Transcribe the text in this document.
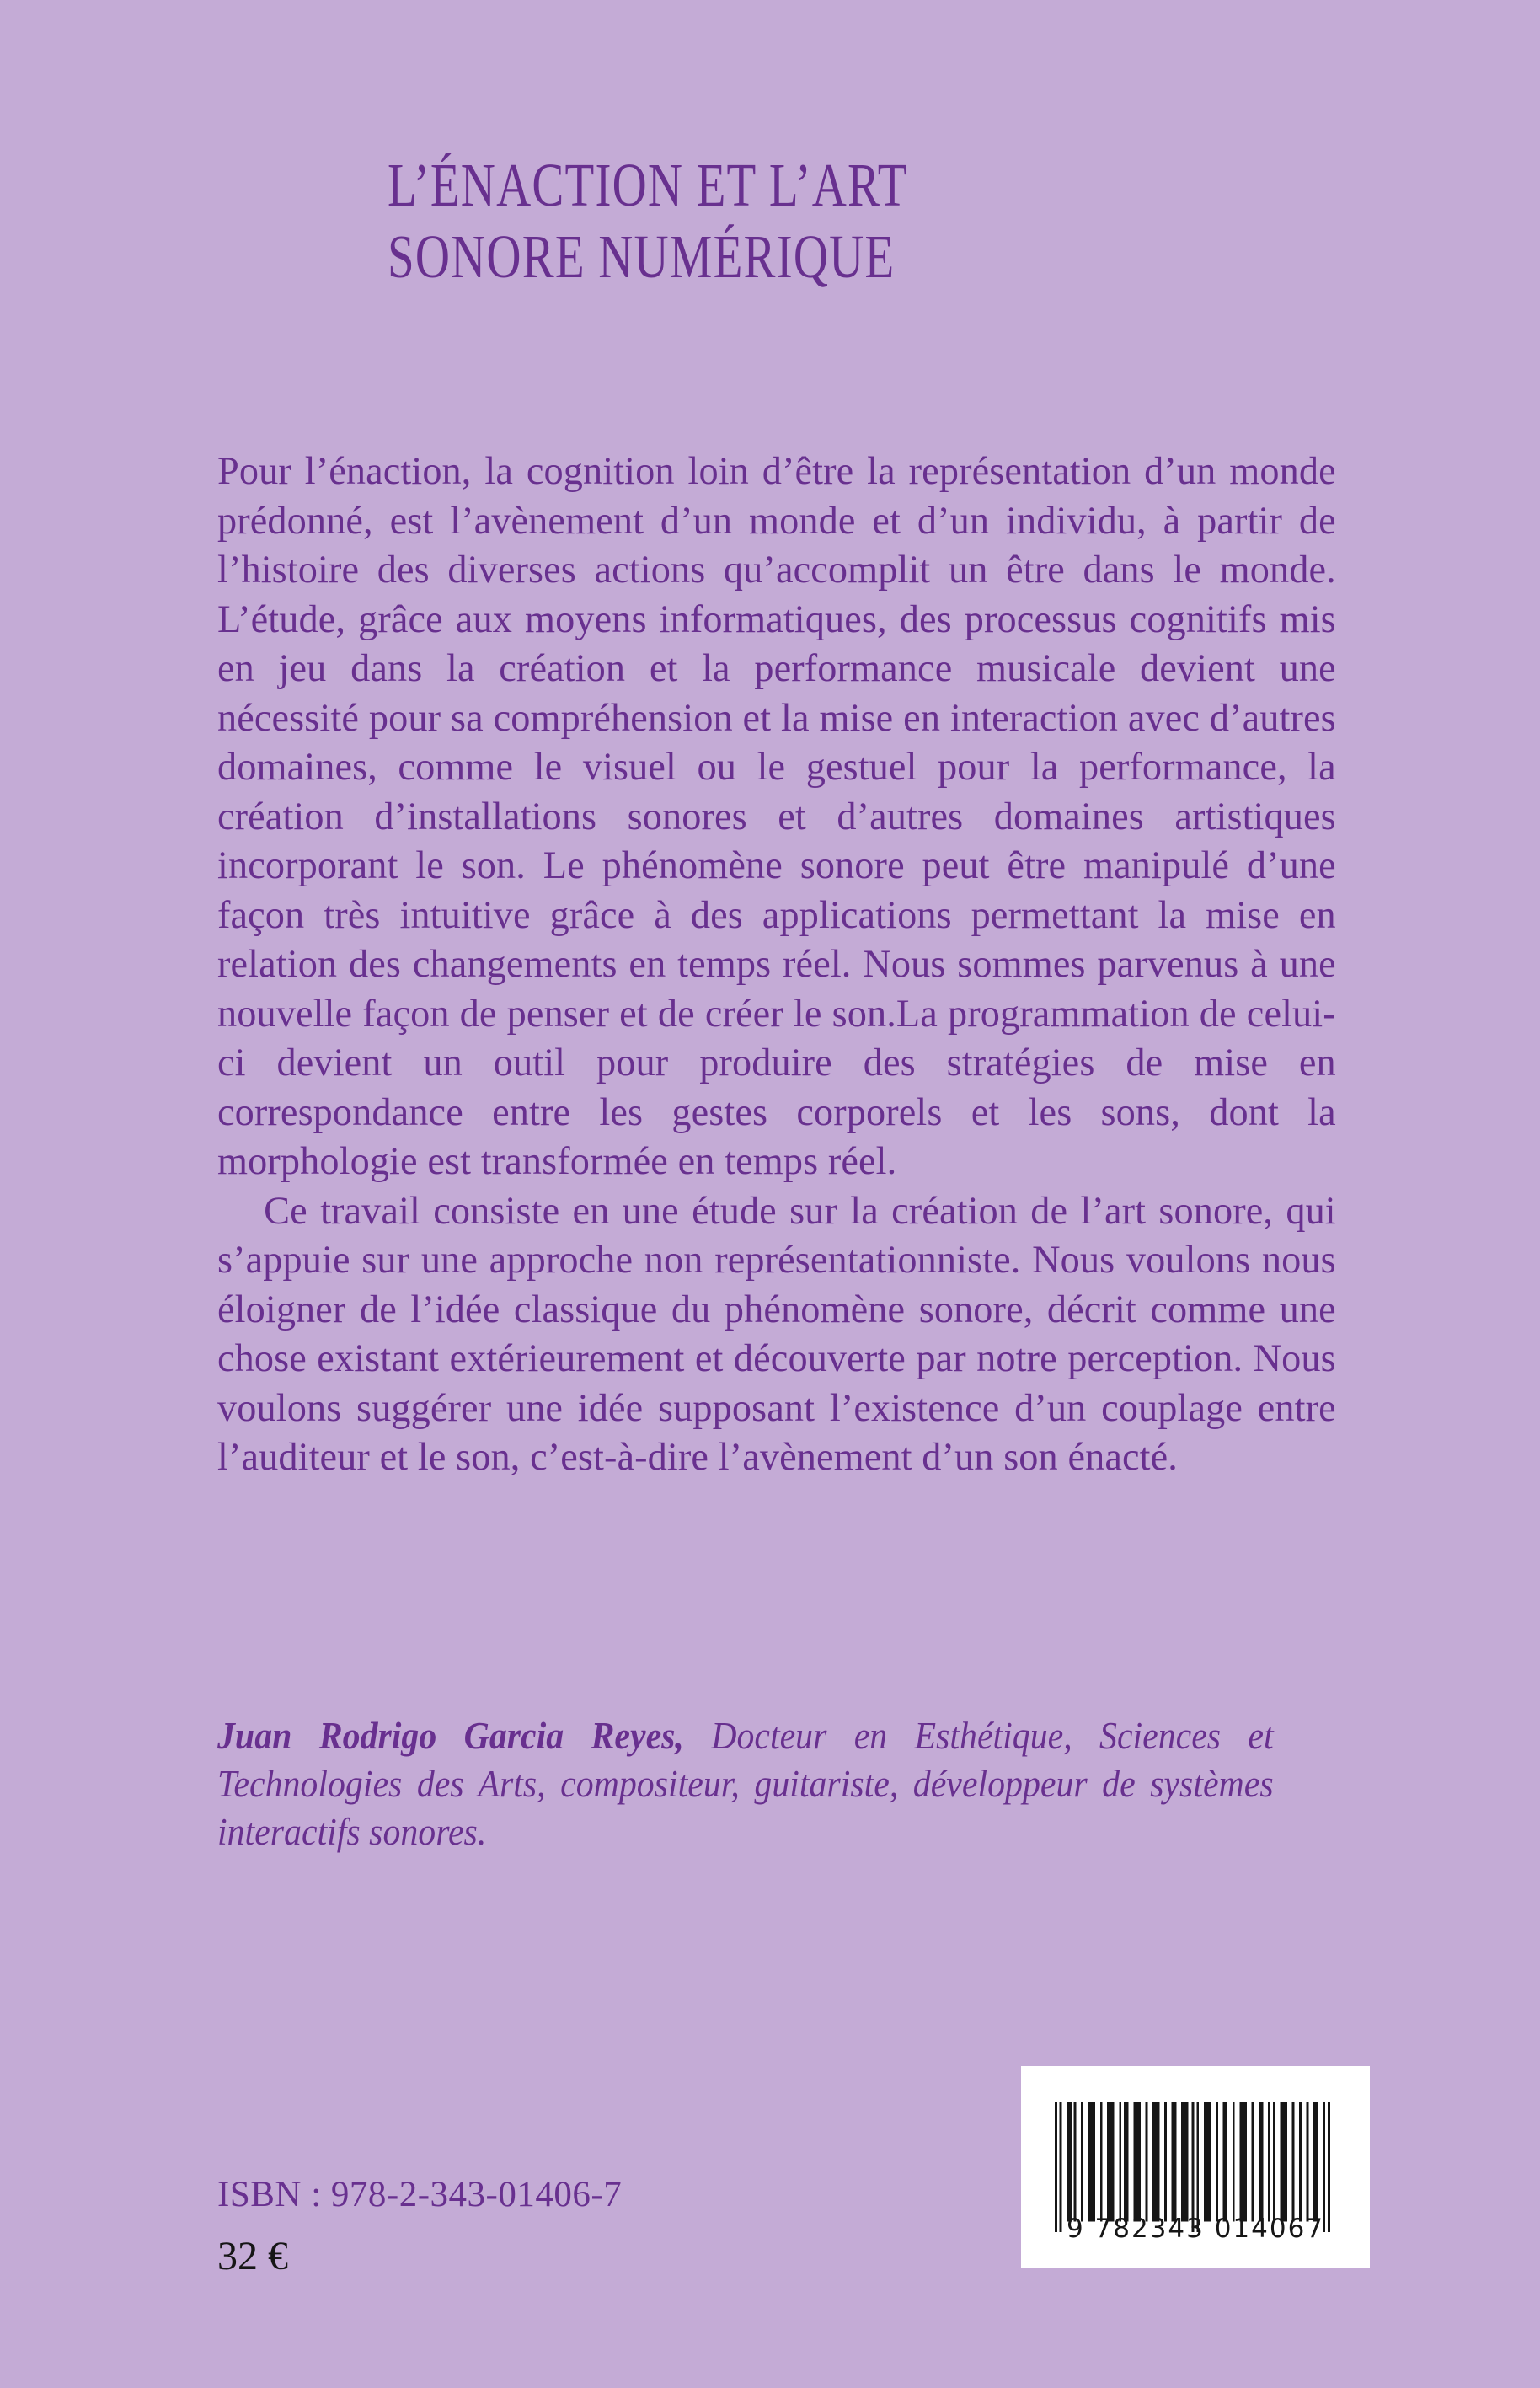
L’ÉNACTION ET L’ART
SONORE NUMÉRIQUE

Pour l’énaction, la cognition loin d’être la représentation d’un monde prédonné, est l’avènement d’un monde et d’un individu, à partir de l’histoire des diverses actions qu’accomplit un être dans le monde. L’étude, grâce aux moyens informatiques, des processus cognitifs mis en jeu dans la création et la performance musicale devient une nécessité pour sa compréhension et la mise en interaction avec d’autres domaines, comme le visuel ou le gestuel pour la performance, la création d’installations sonores et d’autres domaines artistiques incorporant le son. Le phénomène sonore peut être manipulé d’une façon très intuitive grâce à des applications permettant la mise en relation des changements en temps réel. Nous sommes parvenus à une nouvelle façon de penser et de créer le son.La programmation de celui-ci devient un outil pour produire des stratégies de mise en correspondance entre les gestes corporels et les sons, dont la morphologie est transformée en temps réel.

Ce travail consiste en une étude sur la création de l’art sonore, qui s’appuie sur une approche non représentationniste. Nous voulons nous éloigner de l’idée classique du phénomène sonore, décrit comme une chose existant extérieurement et découverte par notre perception. Nous voulons suggérer une idée supposant l’existence d’un couplage entre l’auditeur et le son, c’est-à-dire l’avènement d’un son énacté.

Juan Rodrigo Garcia Reyes, Docteur en Esthétique, Sciences et Technologies des Arts, compositeur, guitariste, développeur de systèmes interactifs sonores.

ISBN : 978-2-343-01406-7
32 €
9 782343 014067
